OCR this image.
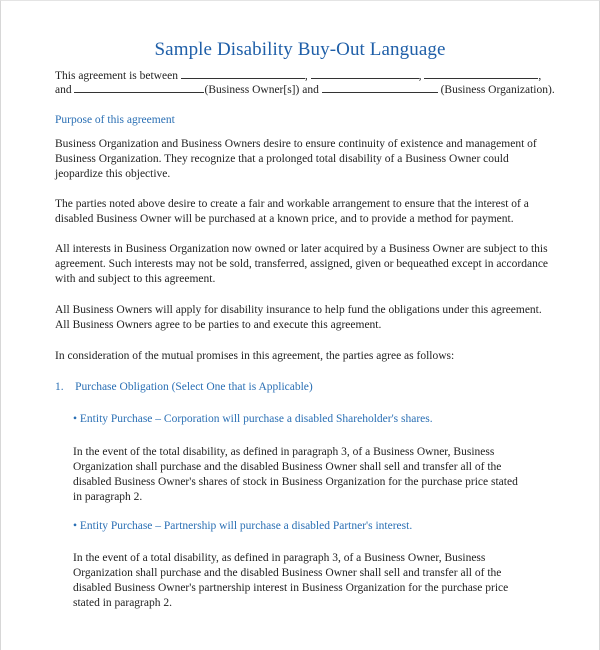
Sample Disability Buy-Out Language
This agreement is between	,	,	,
and	(Business Owner[s]) and	(Business Organization).
Purpose of this agreement

Business Organization and Business Owners desire to ensure continuity of existence and management of Business Organization. They recognize that a prolonged total disability of a Business Owner could jeopardize this objective.

The parties noted above desire to create a fair and workable arrangement to ensure that the interest of a disabled Business Owner will be purchased at a known price, and to provide a method for payment.

All interests in Business Organization now owned or later acquired by a Business Owner are subject to this agreement. Such interests may not be sold, transferred, assigned, given or bequeathed except in accordance with and subject to this agreement.

All Business Owners will apply for disability insurance to help fund the obligations under this agreement. All Business Owners agree to be parties to and execute this agreement.

In consideration of the mutual promises in this agreement, the parties agree as follows:

1. Purchase Obligation (Select One that is Applicable)
• Entity Purchase – Corporation will purchase a disabled Shareholder's shares.

In the event of the total disability, as defined in paragraph 3, of a Business Owner, Business Organization shall purchase and the disabled Business Owner shall sell and transfer all of the disabled Business Owner's shares of stock in Business Organization for the purchase price stated in paragraph 2.

• Entity Purchase – Partnership will purchase a disabled Partner's interest.

In the event of a total disability, as defined in paragraph 3, of a Business Owner, Business Organization shall purchase and the disabled Business Owner shall sell and transfer all of the disabled Business Owner's partnership interest in Business Organization for the purchase price stated in paragraph 2.
